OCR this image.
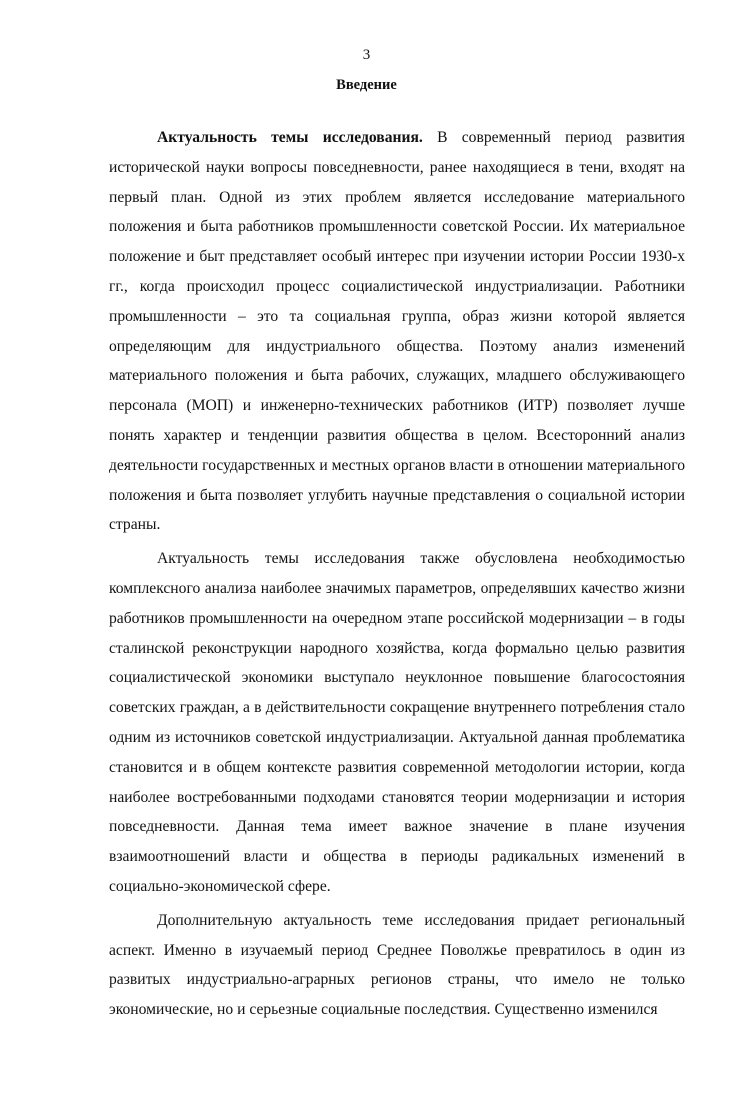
3
Введение

Актуальность темы исследования. В современный период развития исторической науки вопросы повседневности, ранее находящиеся в тени, входят на первый план. Одной из этих проблем является исследование материального положения и быта работников промышленности советской России. Их материальное положение и быт представляет особый интерес при изучении истории России 1930-х гг., когда происходил процесс социалистической индустриализации. Работники промышленности – это та социальная группа, образ жизни которой является определяющим для индустриального общества. Поэтому анализ изменений материального положения и быта рабочих, служащих, младшего обслуживающего персонала (МОП) и инженерно-технических работников (ИТР) позволяет лучше понять характер и тенденции развития общества в целом. Всесторонний анализ деятельности государственных и местных органов власти в отношении материального положения и быта позволяет углубить научные представления о социальной истории страны.

Актуальность темы исследования также обусловлена необходимостью комплексного анализа наиболее значимых параметров, определявших качество жизни работников промышленности на очередном этапе российской модернизации – в годы сталинской реконструкции народного хозяйства, когда формально целью развития социалистической экономики выступало неуклонное повышение благосостояния советских граждан, а в действительности сокращение внутреннего потребления стало одним из источников советской индустриализации. Актуальной данная проблематика становится и в общем контексте развития современной методологии истории, когда наиболее востребованными подходами становятся теории модернизации и история повседневности. Данная тема имеет важное значение в плане изучения взаимоотношений власти и общества в периоды радикальных изменений в социально-экономической сфере.

Дополнительную актуальность теме исследования придает региональный аспект. Именно в изучаемый период Среднее Поволжье превратилось в один из развитых индустриально-аграрных регионов страны, что имело не только экономические, но и серьезные социальные последствия. Существенно изменился
